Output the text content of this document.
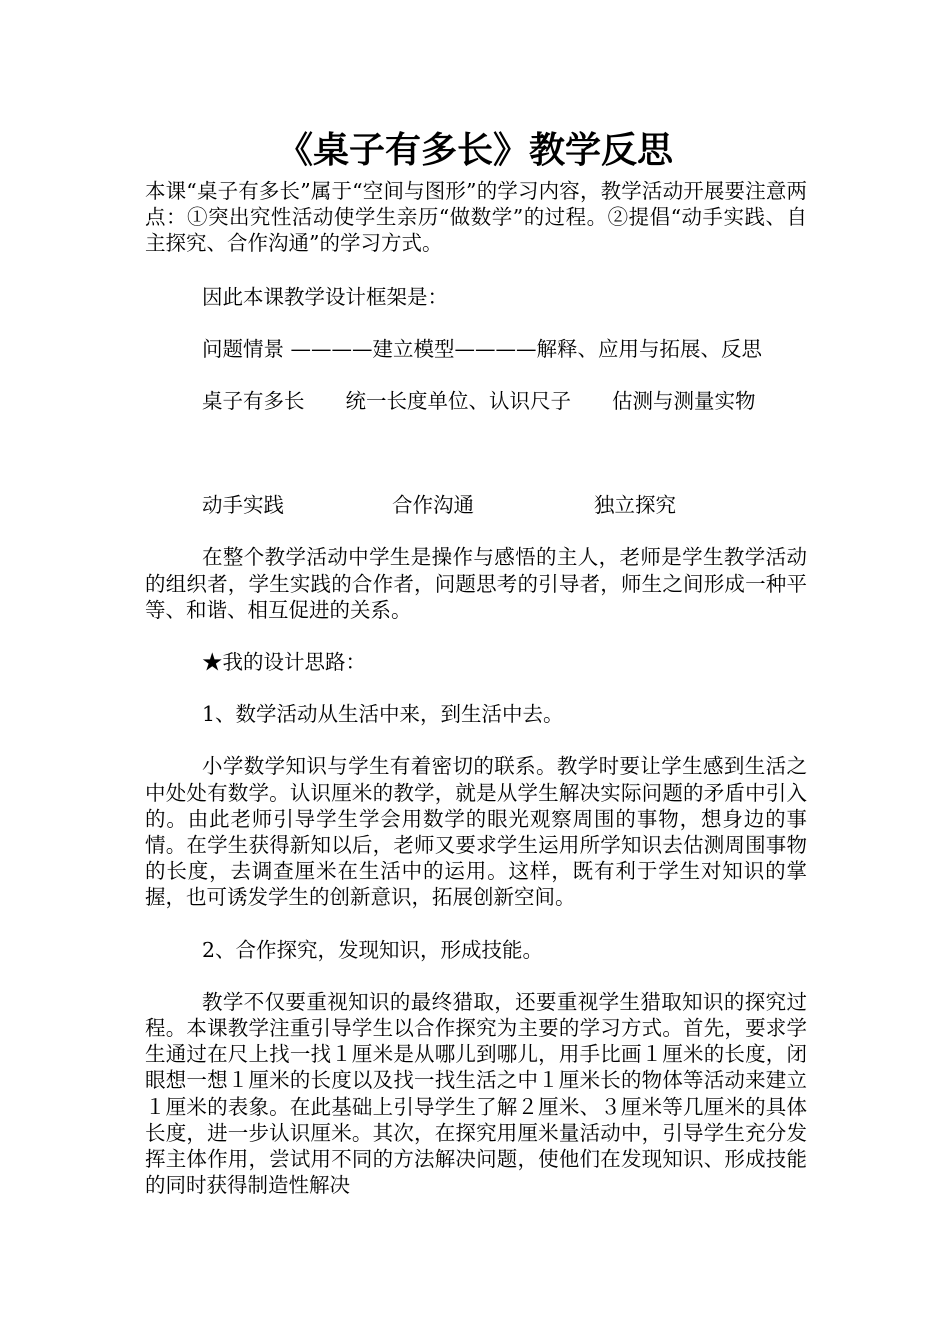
《桌子有多长》教学反思

本课“桌子有多长”属于“空间与图形”的学习内容，教学活动开展要注意两点：①突出究性活动使学生亲历“做数学”的过程。②提倡“动手实践、自主探究、合作沟通”的学习方式。

因此本课教学设计框架是：

问题情景 ————建立模型————解释、应用与拓展、反思

桌子有多长　　统一长度单位、认识尺子　　估测与测量实物

动手实践	合作沟通	独立探究

在整个教学活动中学生是操作与感悟的主人，老师是学生教学活动的组织者，学生实践的合作者，问题思考的引导者，师生之间形成一种平等、和谐、相互促进的关系。

★我的设计思路：

1、数学活动从生活中来，到生活中去。

小学数学知识与学生有着密切的联系。教学时要让学生感到生活之中处处有数学。认识厘米的教学，就是从学生解决实际问题的矛盾中引入的。由此老师引导学生学会用数学的眼光观察周围的事物，想身边的事情。在学生获得新知以后，老师又要求学生运用所学知识去估测周围事物的长度，去调查厘米在生活中的运用。这样，既有利于学生对知识的掌握，也可诱发学生的创新意识，拓展创新空间。

2、合作探究，发现知识，形成技能。

教学不仅要重视知识的最终猎取，还要重视学生猎取知识的探究过程。本课教学注重引导学生以合作探究为主要的学习方式。首先，要求学生通过在尺上找一找１厘米是从哪儿到哪儿，用手比画１厘米的长度，闭眼想一想１厘米的长度以及找一找生活之中１厘米长的物体等活动来建立１厘米的表象。在此基础上引导学生了解２厘米、３厘米等几厘米的具体长度，进一步认识厘米。其次，在探究用厘米量活动中，引导学生充分发挥主体作用，尝试用不同的方法解决问题，使他们在发现知识、形成技能的同时获得制造性解决
